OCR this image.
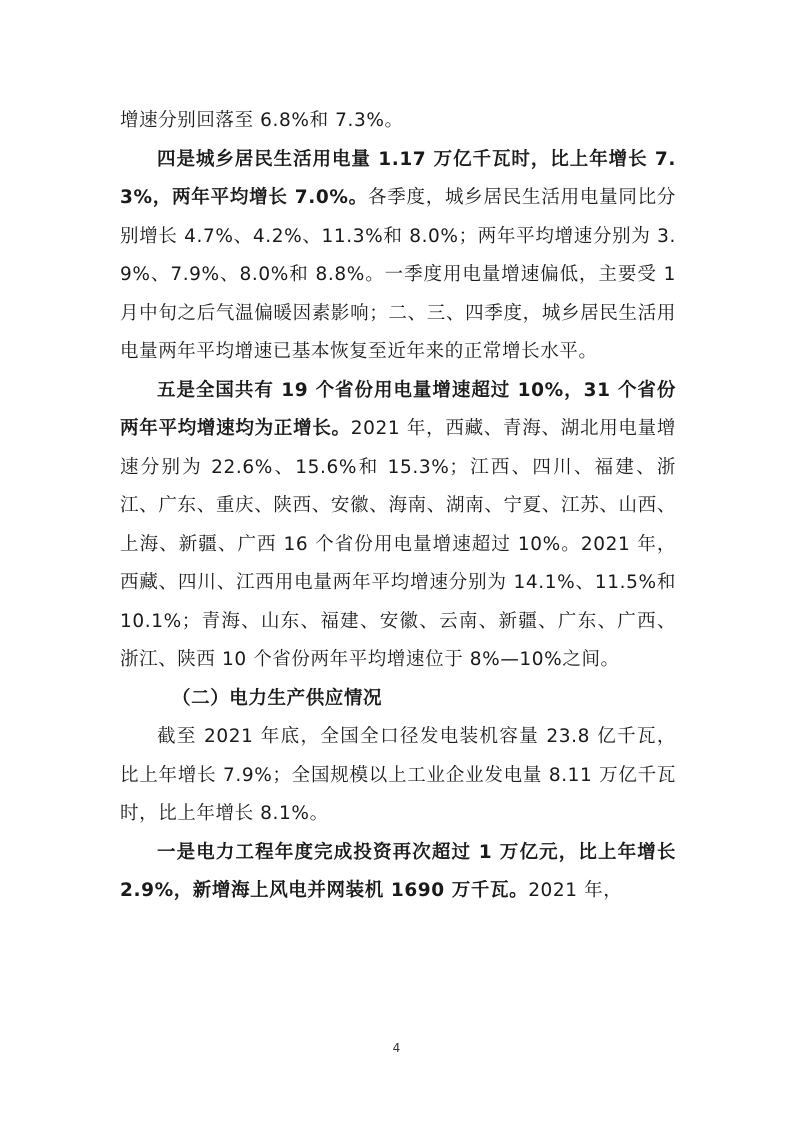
增速分别回落至 6.8%和 7.3%。

四是城乡居民生活用电量 1.17 万亿千瓦时，比上年增长 7.3%，两年平均增长 7.0%。各季度，城乡居民生活用电量同比分别增长 4.7%、4.2%、11.3%和 8.0%；两年平均增速分别为 3.9%、7.9%、8.0%和 8.8%。一季度用电量增速偏低，主要受 1 月中旬之后气温偏暖因素影响；二、三、四季度，城乡居民生活用电量两年平均增速已基本恢复至近年来的正常增长水平。

五是全国共有 19 个省份用电量增速超过 10%，31 个省份两年平均增速均为正增长。2021 年，西藏、青海、湖北用电量增速分别为 22.6%、15.6%和 15.3%；江西、四川、福建、浙江、广东、重庆、陕西、安徽、海南、湖南、宁夏、江苏、山西、上海、新疆、广西 16 个省份用电量增速超过 10%。2021 年，西藏、四川、江西用电量两年平均增速分别为 14.1%、11.5%和 10.1%；青海、山东、福建、安徽、云南、新疆、广东、广西、浙江、陕西 10 个省份两年平均增速位于 8%—10%之间。

（二）电力生产供应情况

截至 2021 年底，全国全口径发电装机容量 23.8 亿千瓦，比上年增长 7.9%；全国规模以上工业企业发电量 8.11 万亿千瓦时，比上年增长 8.1%。

一是电力工程年度完成投资再次超过 1 万亿元，比上年增长 2.9%，新增海上风电并网装机 1690 万千瓦。2021 年，

4
